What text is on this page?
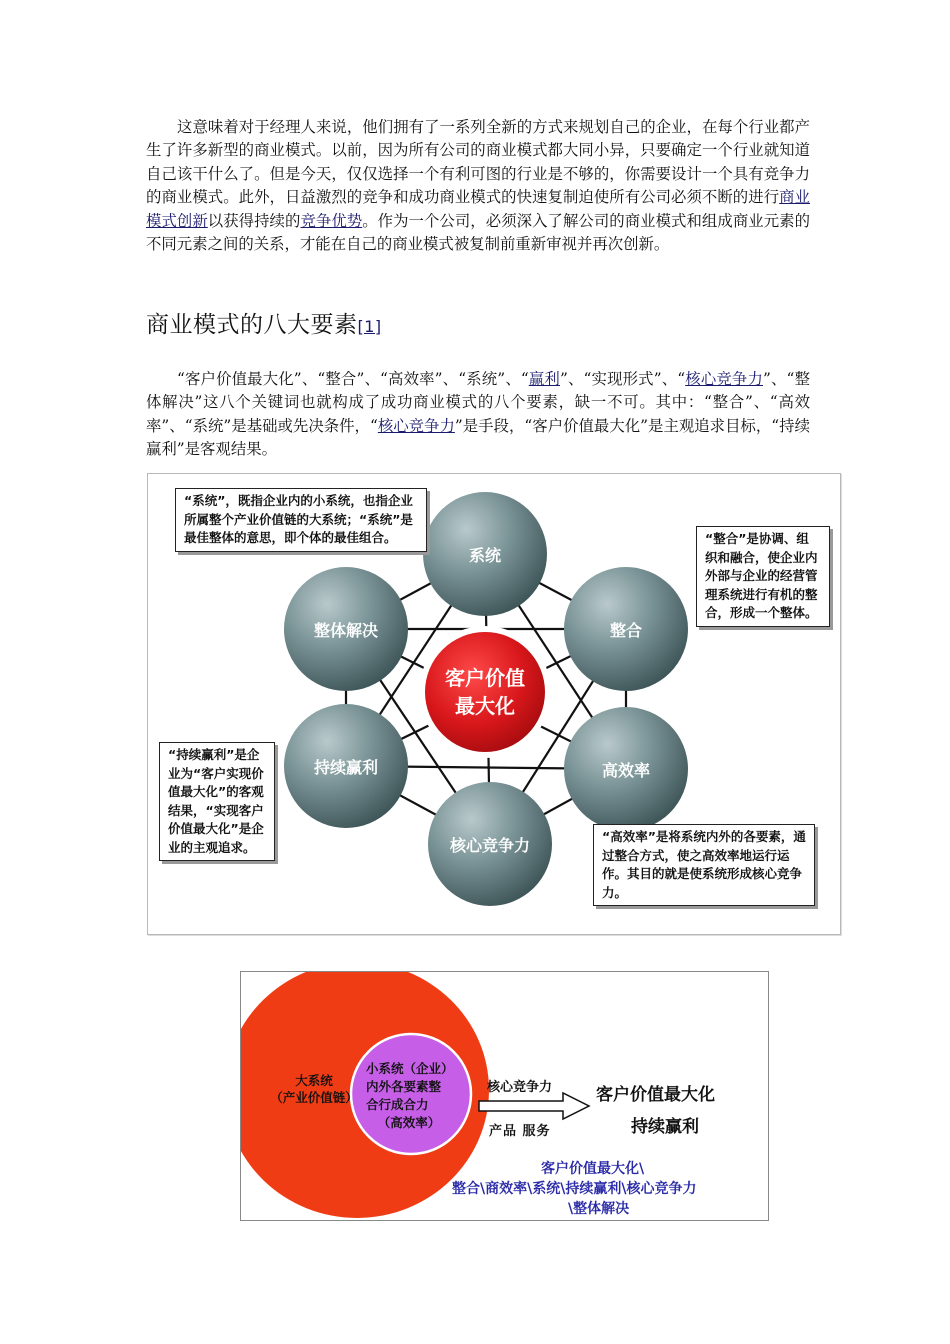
这意味着对于经理人来说，他们拥有了一系列全新的方式来规划自己的企业，在每个行业都产生了许多新型的商业模式。以前，因为所有公司的商业模式都大同小异，只要确定一个行业就知道自己该干什么了。但是今天，仅仅选择一个有利可图的行业是不够的，你需要设计一个具有竞争力的商业模式。此外，日益激烈的竞争和成功商业模式的快速复制迫使所有公司必须不断的进行商业模式创新以获得持续的竞争优势。作为一个公司，必须深入了解公司的商业模式和组成商业元素的不同元素之间的关系，才能在自己的商业模式被复制前重新审视并再次创新。
商业模式的八大要素[1]
“客户价值最大化”、“整合”、“高效率”、“系统”、“赢利”、“实现形式”、“核心竞争力”、“整体解决”这八个关键词也就构成了成功商业模式的八个要素，缺一不可。其中：“整合”、“高效率”、“系统”是基础或先决条件，“核心竞争力”是手段，“客户价值最大化”是主观追求目标，“持续赢利”是客观结果。
系统
整合
高效率
核心竞争力
持续赢利
整体解决
客户价值
最大化
“系统”，既指企业内的小系统，也指企业所属整个产业价值链的大系统；“系统”是最佳整体的意思，即个体的最佳组合。	“整合”是协调、组织和融合，使企业内外部与企业的经营管理系统进行有机的整合，形成一个整体。
“持续赢利”是企业为“客户实现价值最大化”的客观结果，“实现客户价值最大化”是企业的主观追求。
“高效率”是将系统内外的各要素，通过整合方式，使之高效率地运行运作。其目的就是使系统形成核心竞争力。
大系统
（产业价值链）
小系统（企业）内外各要素整合行成合力
（高效率）
核心竞争力
产品 服务
客户价值最大化
持续赢利
客户价值最大化\
整合\商效率\系统\持续赢利\核心竞争力
\整体解决
